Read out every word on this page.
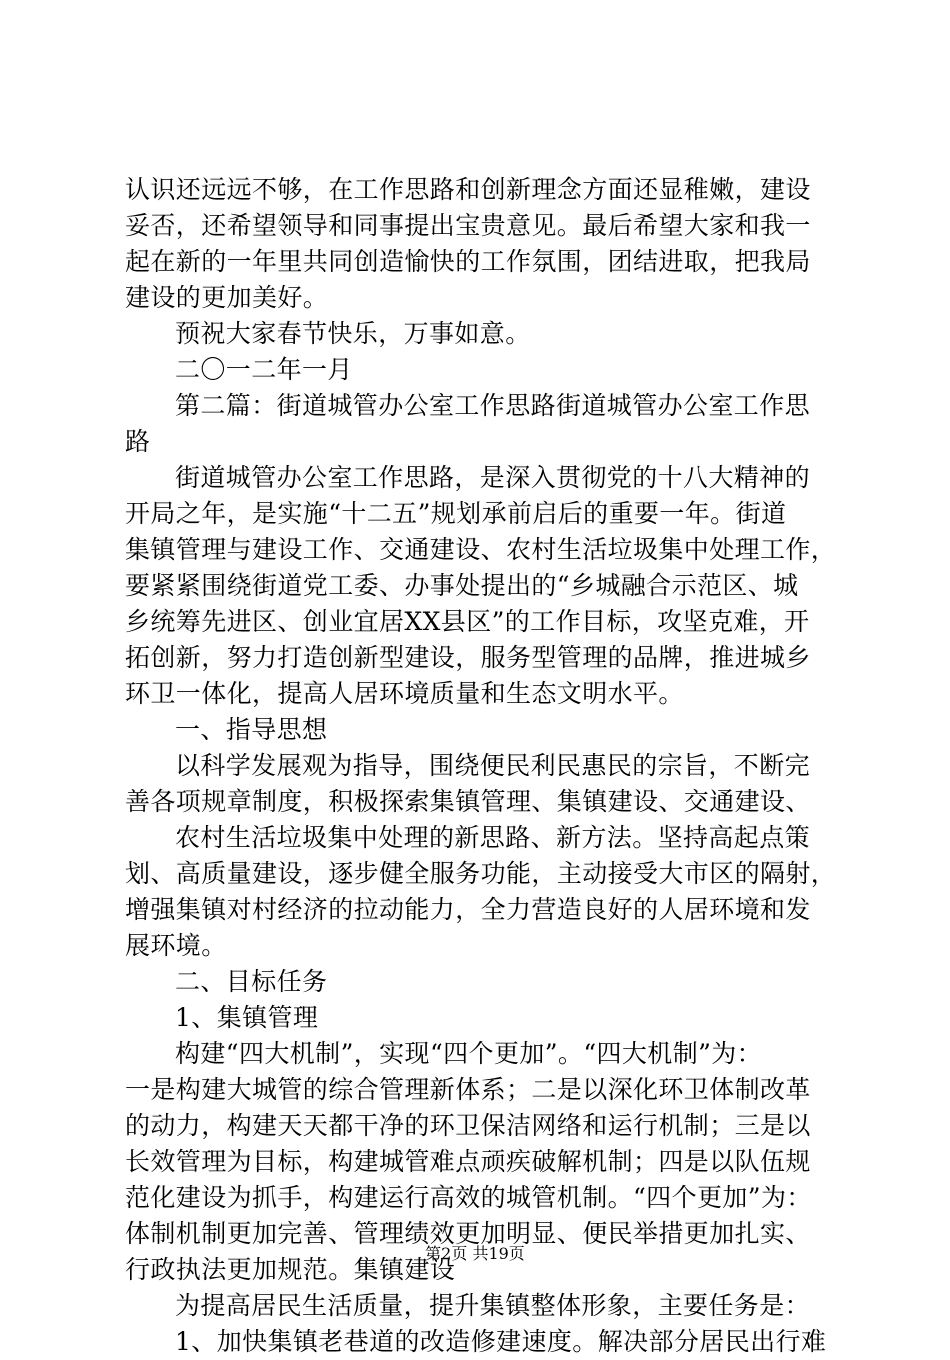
认识还远远不够，在工作思路和创新理念方面还显稚嫩，建设
妥否，还希望领导和同事提出宝贵意见。最后希望大家和我一
起在新的一年里共同创造愉快的工作氛围，团结进取，把我局
建设的更加美好。
预祝大家春节快乐，万事如意。
二〇一二年一月
第二篇：街道城管办公室工作思路街道城管办公室工作思
路
街道城管办公室工作思路，是深入贯彻党的十八大精神的
开局之年，是实施“十二五”规划承前启后的重要一年。街道
集镇管理与建设工作、交通建设、农村生活垃圾集中处理工作，
要紧紧围绕街道党工委、办事处提出的“乡城融合示范区、城
乡统筹先进区、创业宜居XX县区”的工作目标，攻坚克难，开
拓创新，努力打造创新型建设，服务型管理的品牌，推进城乡
环卫一体化，提高人居环境质量和生态文明水平。
一、指导思想
以科学发展观为指导，围绕便民利民惠民的宗旨，不断完
善各项规章制度，积极探索集镇管理、集镇建设、交通建设、
农村生活垃圾集中处理的新思路、新方法。坚持高起点策
划、高质量建设，逐步健全服务功能，主动接受大市区的隔射，
增强集镇对村经济的拉动能力，全力营造良好的人居环境和发
展环境。
二、目标任务
1、集镇管理
构建“四大机制”，实现“四个更加”。“四大机制”为：
一是构建大城管的综合管理新体系；二是以深化环卫体制改革
的动力，构建天天都干净的环卫保洁网络和运行机制；三是以
长效管理为目标，构建城管难点顽疾破解机制；四是以队伍规
范化建设为抓手，构建运行高效的城管机制。“四个更加”为：
体制机制更加完善、管理绩效更加明显、便民举措更加扎实、
行政执法更加规范。集镇建设
为提高居民生活质量，提升集镇整体形象，主要任务是：
1、加快集镇老巷道的改造修建速度。解决部分居民出行难
第2页 共19页
